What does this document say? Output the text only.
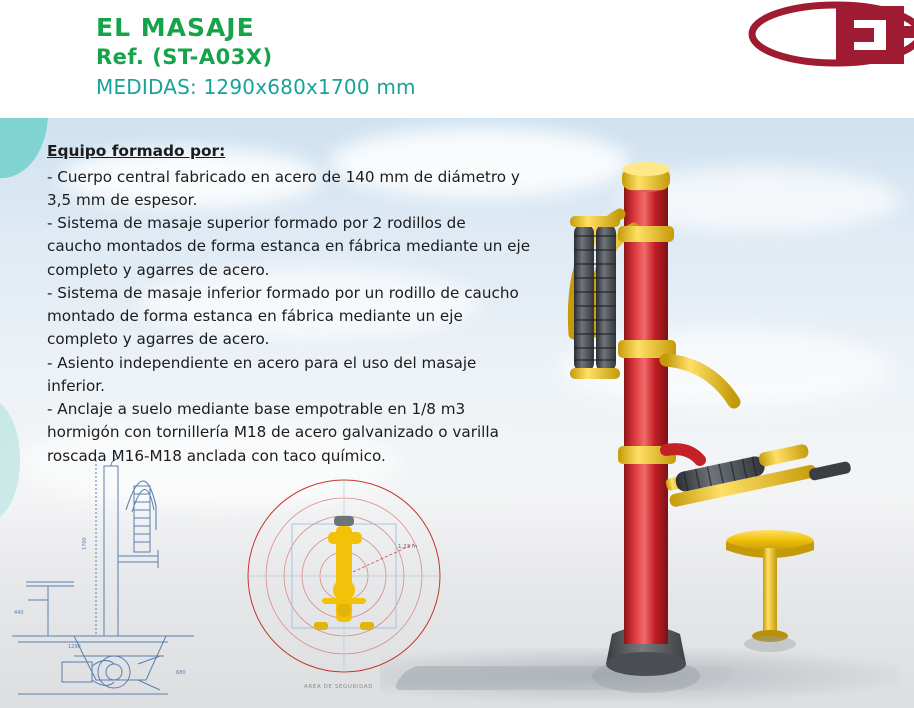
Equipo formado por:
- Cuerpo central fabricado en acero de 140 mm de diámetro y
3,5 mm de espesor.
- Sistema de masaje superior formado por 2 rodillos de
caucho montados de forma estanca en fábrica mediante un eje
completo y agarres de acero.
- Sistema de masaje inferior formado por un rodillo de caucho
montado de forma estanca en fábrica mediante un eje
completo y agarres de acero.
- Asiento independiente en acero para el uso del masaje
inferior.
- Anclaje a suelo mediante base empotrable en 1/8 m3
hormigón con tornillería M18 de acero galvanizado o varilla
roscada M16-M18 anclada con taco químico.
1700
1290
680
440
1,23 m
AREA DE SEGURIDAD

EL MASAJE

Ref. (ST-A03X)

MEDIDAS: 1290x680x1700 mm
